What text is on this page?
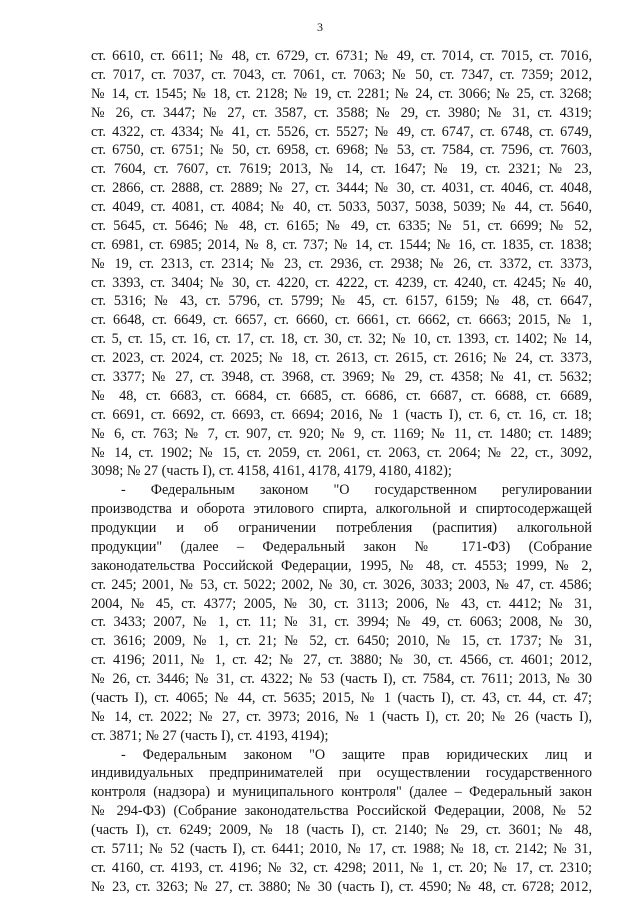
3
ст. 6610, ст. 6611; № 48, ст. 6729, ст. 6731; № 49, ст. 7014, ст. 7015, ст. 7016,
ст. 7017, ст. 7037, ст. 7043, ст. 7061, ст. 7063; № 50, ст. 7347, ст. 7359; 2012,
№ 14, ст. 1545; № 18, ст. 2128; № 19, ст. 2281; № 24, ст. 3066; № 25, ст. 3268;
№ 26, ст. 3447; № 27, ст. 3587, ст. 3588; № 29, ст. 3980; № 31, ст. 4319;
ст. 4322, ст. 4334; № 41, ст. 5526, ст. 5527; № 49, ст. 6747, ст. 6748, ст. 6749,
ст. 6750, ст. 6751; № 50, ст. 6958, ст. 6968; № 53, ст. 7584, ст. 7596, ст. 7603,
ст. 7604, ст. 7607, ст. 7619; 2013, № 14, ст. 1647; № 19, ст. 2321; № 23,
ст. 2866, ст. 2888, ст. 2889; № 27, ст. 3444; № 30, ст. 4031, ст. 4046, ст. 4048,
ст. 4049, ст. 4081, ст. 4084; № 40, ст. 5033, 5037, 5038, 5039; № 44, ст. 5640,
ст. 5645, ст. 5646; № 48, ст. 6165; № 49, ст. 6335; № 51, ст. 6699; № 52,
ст. 6981, ст. 6985; 2014, № 8, ст. 737; № 14, ст. 1544; № 16, ст. 1835, ст. 1838;
№ 19, ст. 2313, ст. 2314; № 23, ст. 2936, ст. 2938; № 26, ст. 3372, ст. 3373,
ст. 3393, ст. 3404; № 30, ст. 4220, ст. 4222, ст. 4239, ст. 4240, ст. 4245; № 40,
ст. 5316; № 43, ст. 5796, ст. 5799; № 45, ст. 6157, 6159; № 48, ст. 6647,
ст. 6648, ст. 6649, ст. 6657, ст. 6660, ст. 6661, ст. 6662, ст. 6663; 2015, № 1,
ст. 5, ст. 15, ст. 16, ст. 17, ст. 18, ст. 30, ст. 32; № 10, ст. 1393, ст. 1402; № 14,
ст. 2023, ст. 2024, ст. 2025; № 18, ст. 2613, ст. 2615, ст. 2616; № 24, ст. 3373,
ст. 3377; № 27, ст. 3948, ст. 3968, ст. 3969; № 29, ст. 4358; № 41, ст. 5632;
№ 48, ст. 6683, ст. 6684, ст. 6685, ст. 6686, ст. 6687, ст. 6688, ст. 6689,
ст. 6691, ст. 6692, ст. 6693, ст. 6694; 2016, № 1 (часть I), ст. 6, ст. 16, ст. 18;
№ 6, ст. 763; № 7, ст. 907, ст. 920; № 9, ст. 1169; № 11, ст. 1480; ст. 1489;
№ 14, ст. 1902; № 15, ст. 2059, ст. 2061, ст. 2063, ст. 2064; № 22, ст., 3092,
3098; № 27 (часть I), ст. 4158, 4161, 4178, 4179, 4180, 4182);
- Федеральным законом "О государственном регулировании
производства и оборота этилового спирта, алкогольной и спиртосодержащей
продукции и об ограничении потребления (распития) алкогольной
продукции" (далее – Федеральный закон № 171-ФЗ) (Собрание
законодательства Российской Федерации, 1995, № 48, ст. 4553; 1999, № 2,
ст. 245; 2001, № 53, ст. 5022; 2002, № 30, ст. 3026, 3033; 2003, № 47, ст. 4586;
2004, № 45, ст. 4377; 2005, № 30, ст. 3113; 2006, № 43, ст. 4412; № 31,
ст. 3433; 2007, № 1, ст. 11; № 31, ст. 3994; № 49, ст. 6063; 2008, № 30,
ст. 3616; 2009, № 1, ст. 21; № 52, ст. 6450; 2010, № 15, ст. 1737; № 31,
ст. 4196; 2011, № 1, ст. 42; № 27, ст. 3880; № 30, ст. 4566, ст. 4601; 2012,
№ 26, ст. 3446; № 31, ст. 4322; № 53 (часть I), ст. 7584, ст. 7611; 2013, № 30
(часть I), ст. 4065; № 44, ст. 5635; 2015, № 1 (часть I), ст. 43, ст. 44, ст. 47;
№ 14, ст. 2022; № 27, ст. 3973; 2016, № 1 (часть I), ст. 20; № 26 (часть I),
ст. 3871; № 27 (часть I), ст. 4193, 4194);
- Федеральным законом "О защите прав юридических лиц и
индивидуальных предпринимателей при осуществлении государственного
контроля (надзора) и муниципального контроля" (далее – Федеральный закон
№ 294-ФЗ) (Собрание законодательства Российской Федерации, 2008, № 52
(часть I), ст. 6249; 2009, № 18 (часть I), ст. 2140; № 29, ст. 3601; № 48,
ст. 5711; № 52 (часть I), ст. 6441; 2010, № 17, ст. 1988; № 18, ст. 2142; № 31,
ст. 4160, ст. 4193, ст. 4196; № 32, ст. 4298; 2011, № 1, ст. 20; № 17, ст. 2310;
№ 23, ст. 3263; № 27, ст. 3880; № 30 (часть I), ст. 4590; № 48, ст. 6728; 2012,
